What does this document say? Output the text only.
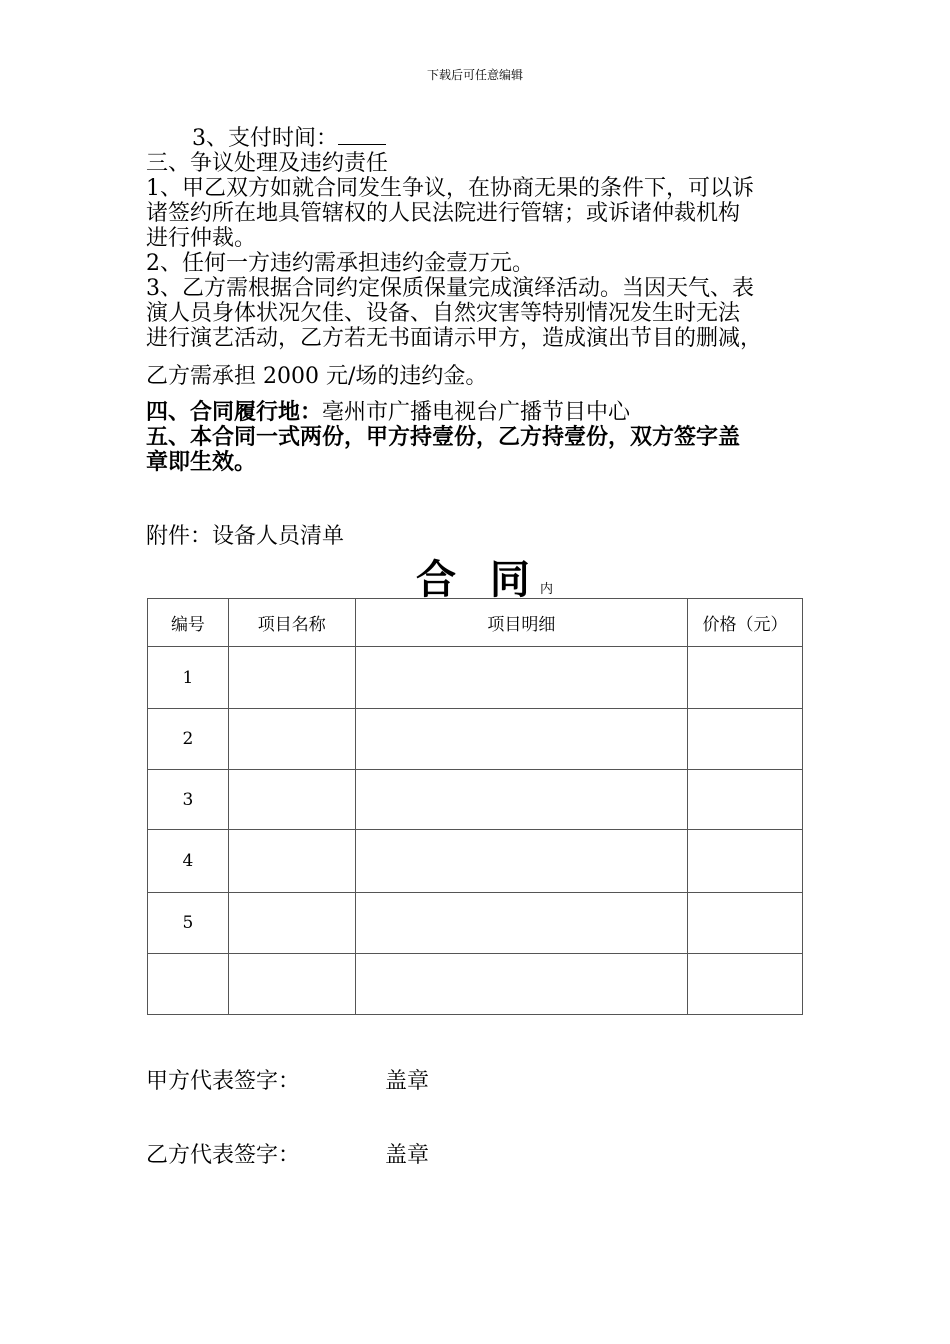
下载后可任意编辑
3、支付时间：
三、争议处理及违约责任
1、甲乙双方如就合同发生争议，在协商无果的条件下，可以诉
诸签约所在地具管辖权的人民法院进行管辖；或诉诸仲裁机构
进行仲裁。
2、任何一方违约需承担违约金壹万元。
3、乙方需根据合同约定保质保量完成演绎活动。当因天气、表
演人员身体状况欠佳、设备、自然灾害等特别情况发生时无法
进行演艺活动，乙方若无书面请示甲方，造成演出节目的删减，
乙方需承担 2000 元/场的违约金。
四、合同履行地：亳州市广播电视台广播节目中心
五、本合同一式两份，甲方持壹份，乙方持壹份，双方签字盖
章即生效。
附件：设备人员清单
合 同内
编号	项目名称	项目明细	价格（元）
1			
2			
3			
4			
5			

甲方代表签字：	盖章
乙方代表签字：	盖章
